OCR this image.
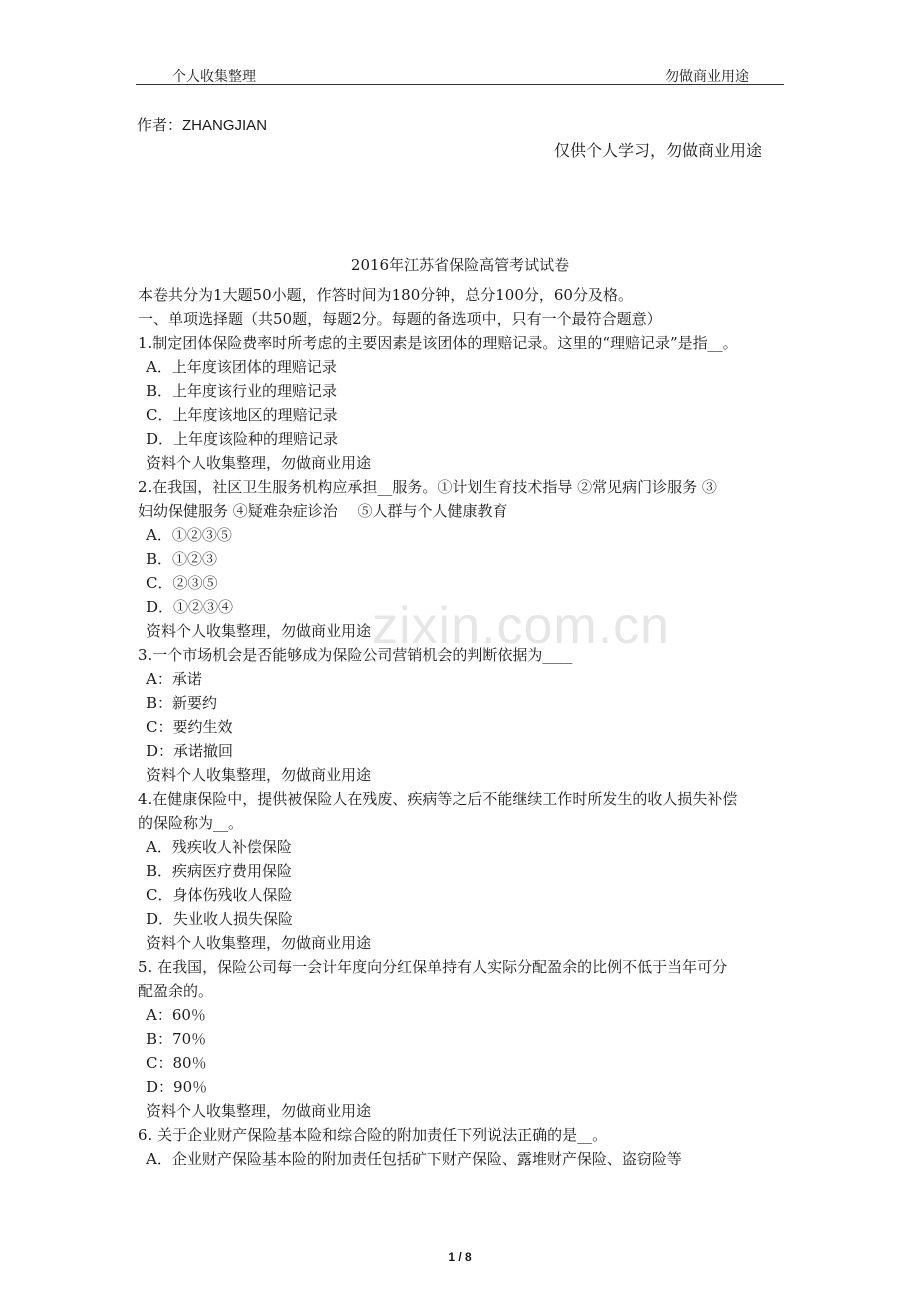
个人收集整理	勿做商业用途
作者：ZHANGJIAN
仅供个人学习，勿做商业用途
2016年江苏省保险高管考试试卷
本卷共分为1大题50小题，作答时间为180分钟，总分100分，60分及格。
一、单项选择题（共50题，每题2分。每题的备选项中，只有一个最符合题意）
1.制定团体保险费率时所考虑的主要因素是该团体的理赔记录。这里的“理赔记录”是指__。
A．上年度该团体的理赔记录
B．上年度该行业的理赔记录
C．上年度该地区的理赔记录
D．上年度该险种的理赔记录
资料个人收集整理，勿做商业用途
2.在我国，社区卫生服务机构应承担__服务。①计划生育技术指导 ②常见病门诊服务 ③
妇幼保健服务 ④疑难杂症诊治 　⑤人群与个人健康教育
A．①②③⑤
B．①②③
C．②③⑤
D．①②③④
资料个人收集整理，勿做商业用途
3.一个市场机会是否能够成为保险公司营销机会的判断依据为____
A：承诺
B：新要约
C：要约生效
D：承诺撤回
资料个人收集整理，勿做商业用途
4.在健康保险中，提供被保险人在残废、疾病等之后不能继续工作时所发生的收人损失补偿
的保险称为__。
A．残疾收人补偿保险
B．疾病医疗费用保险
C．身体伤残收人保险
D．失业收人损失保险
资料个人收集整理，勿做商业用途
5. 在我国，保险公司每一会计年度向分红保单持有人实际分配盈余的比例不低于当年可分
配盈余的。
A：60％
B：70％
C：80％
D：90％
资料个人收集整理，勿做商业用途
6. 关于企业财产保险基本险和综合险的附加责任下列说法正确的是__。
A．企业财产保险基本险的附加责任包括矿下财产保险、露堆财产保险、盗窃险等
zixin.com.cn
1 / 8
